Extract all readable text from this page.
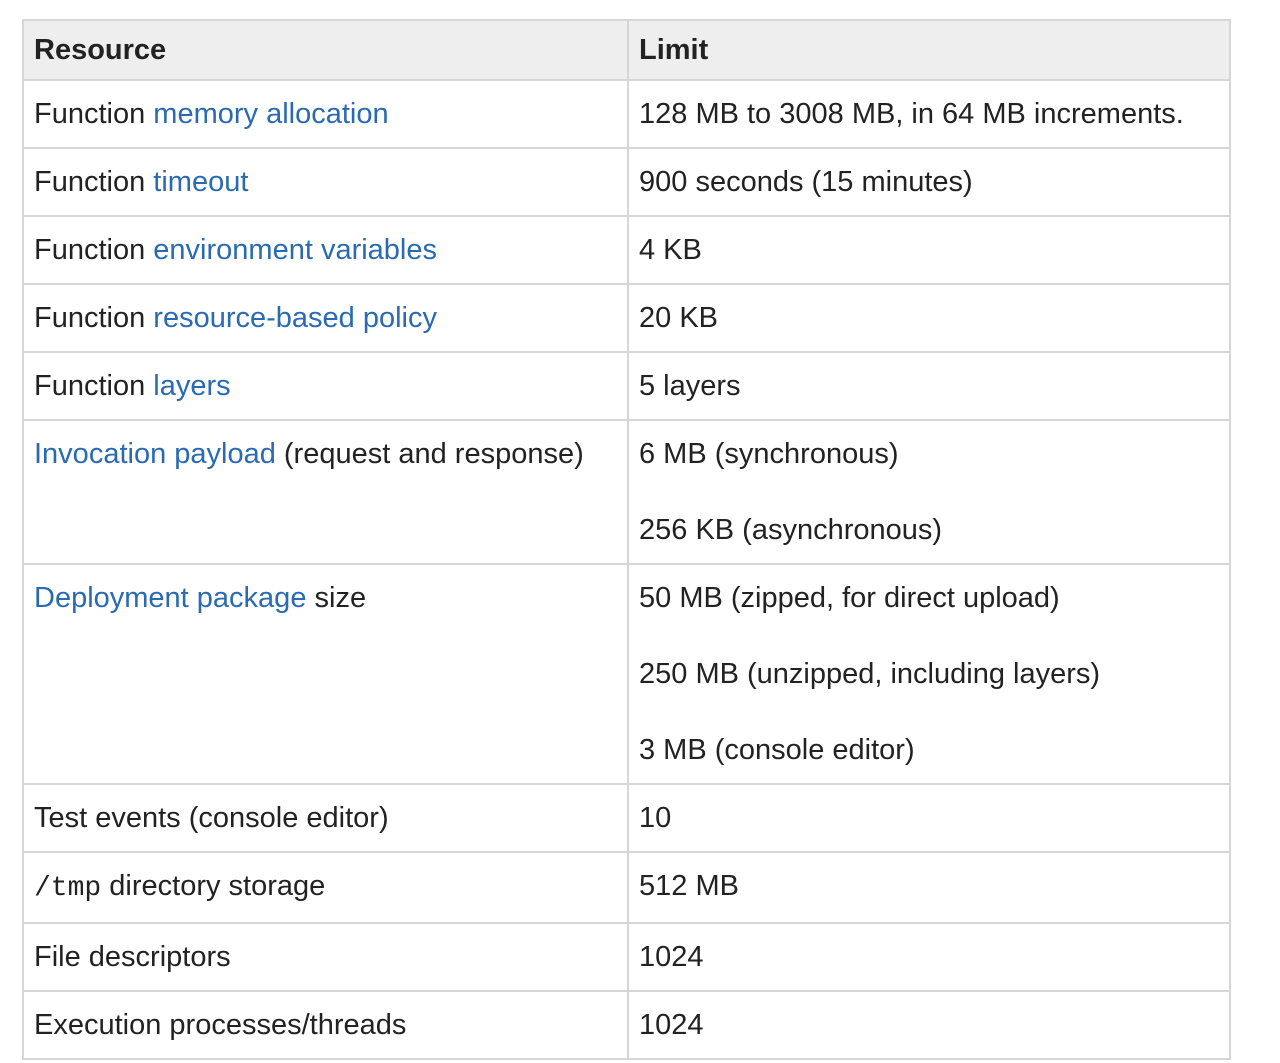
Resource	Limit
Function memory allocation	128 MB to 3008 MB, in 64 MB increments.

Function timeout	900 seconds (15 minutes)

Function environment variables	4 KB

Function resource-based policy	20 KB

Function layers	5 layers

Invocation payload (request and response)	6 MB (synchronous)
256 KB (asynchronous)

Deployment package size	50 MB (zipped, for direct upload)
250 MB (unzipped, including layers)
3 MB (console editor)

Test events (console editor)	10

/tmp directory storage	512 MB

File descriptors	1024

Execution processes/threads	1024
